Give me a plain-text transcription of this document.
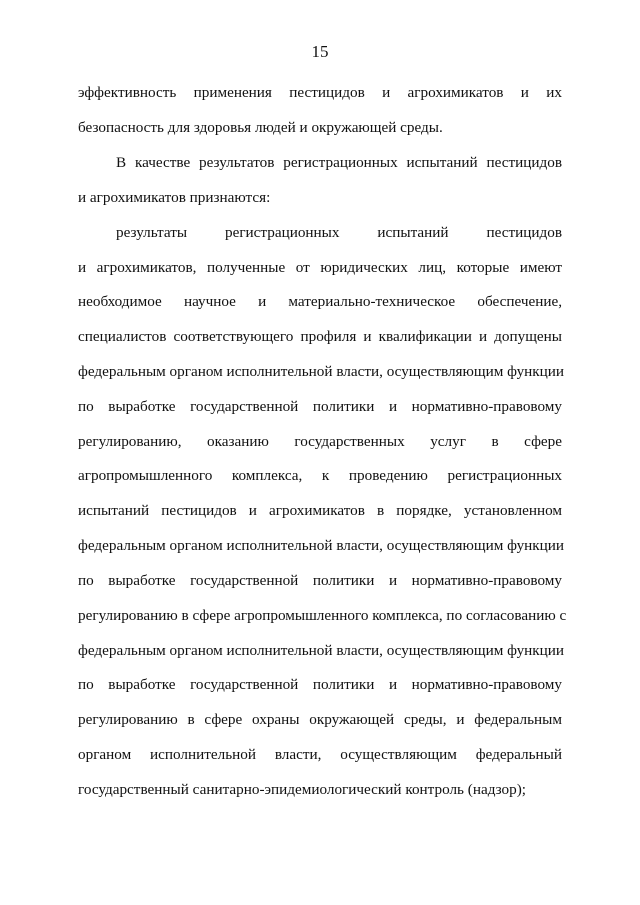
15
эффективность применения пестицидов и агрохимикатов и их
безопасность для здоровья людей и окружающей среды.
В качестве результатов регистрационных испытаний пестицидов
и агрохимикатов признаются:
результаты регистрационных испытаний пестицидов
и агрохимикатов, полученные от юридических лиц, которые имеют
необходимое научное и материально-техническое обеспечение,
специалистов соответствующего профиля и квалификации и допущены
федеральным органом исполнительной власти, осуществляющим функции
по выработке государственной политики и нормативно-правовому
регулированию, оказанию государственных услуг в сфере
агропромышленного комплекса, к проведению регистрационных
испытаний пестицидов и агрохимикатов в порядке, установленном
федеральным органом исполнительной власти, осуществляющим функции
по выработке государственной политики и нормативно-правовому
регулированию в сфере агропромышленного комплекса, по согласованию с
федеральным органом исполнительной власти, осуществляющим функции
по выработке государственной политики и нормативно-правовому
регулированию в сфере охраны окружающей среды, и федеральным
органом исполнительной власти, осуществляющим федеральный
государственный санитарно-эпидемиологический контроль (надзор);
